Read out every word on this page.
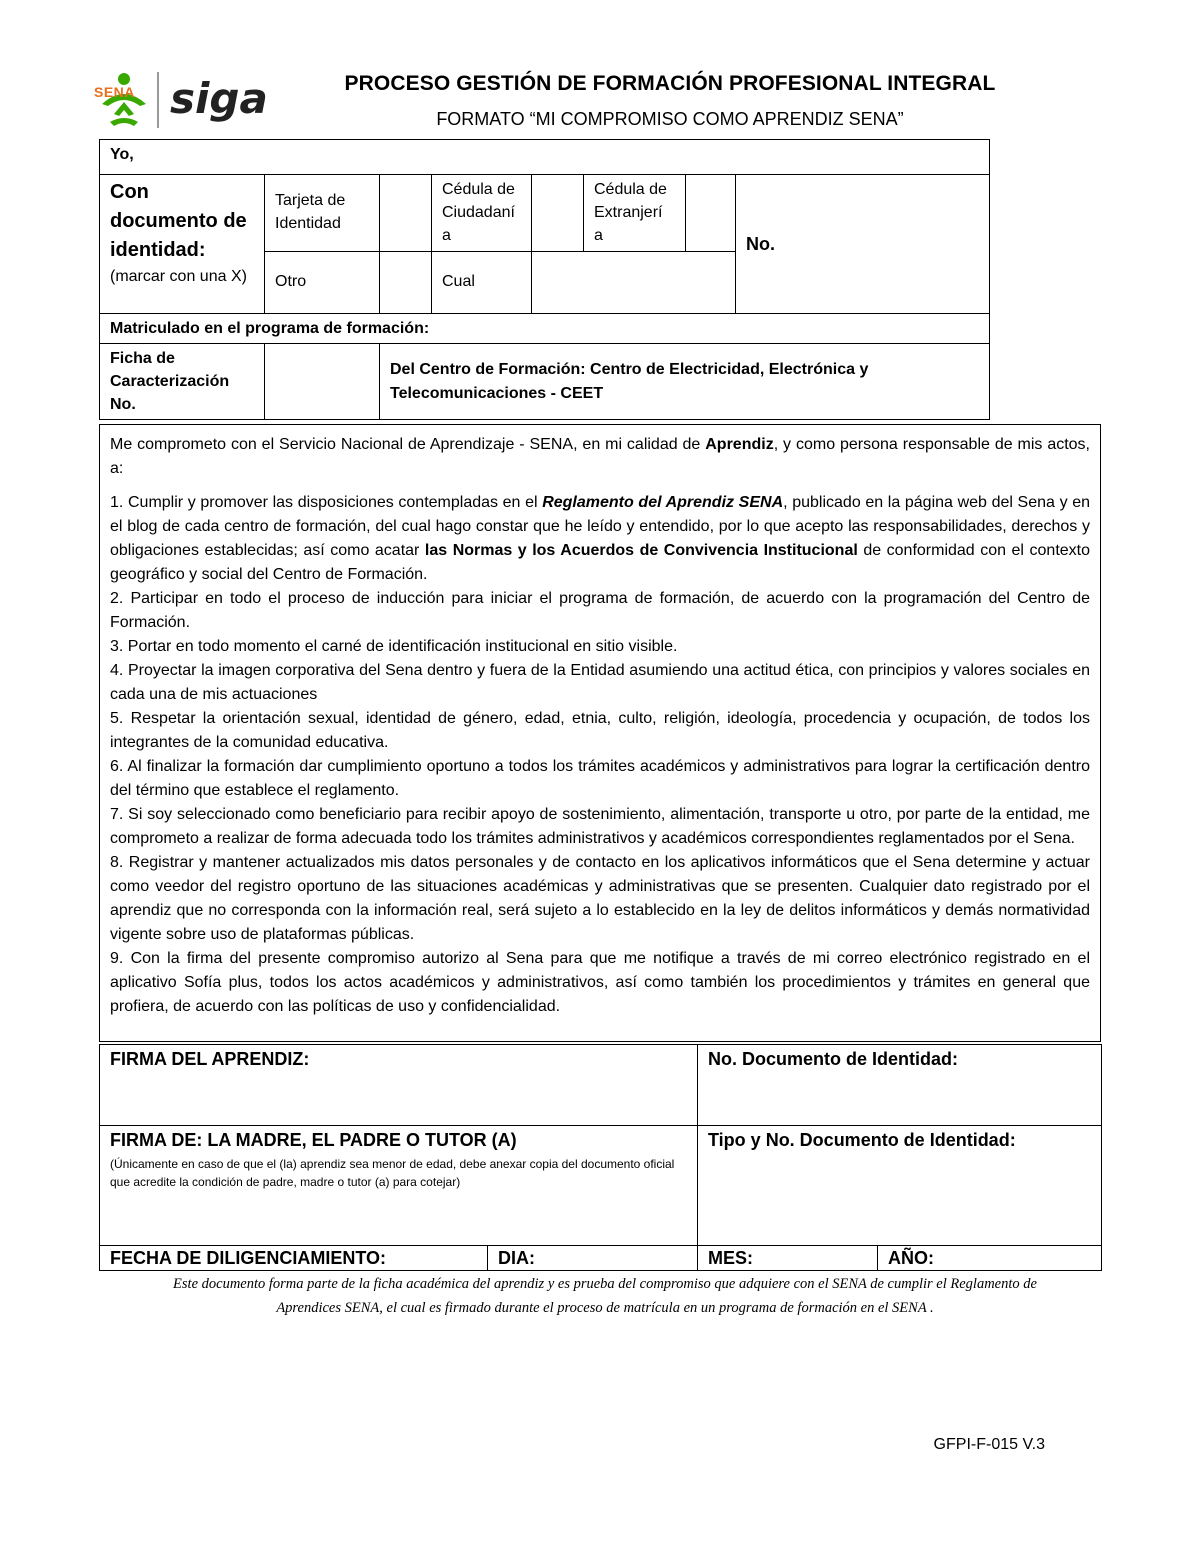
SENA siga	PROCESO GESTIÓN DE FORMACIÓN PROFESIONAL INTEGRAL
FORMATO “MI COMPROMISO COMO APRENDIZ SENA”
Yo,							

Con documento de identidad:
(marcar con una X)	Tarjeta de Identidad		Cédula de Ciudadaní a		Cédula de Extranjerí a		No.
	Otro		Cual				
Matriculado en el programa de formación:							
Ficha de Caracterización No.		Del Centro de Formación: Centro de Electricidad, Electrónica y Telecomunicaciones - CEET					

Me comprometo con el Servicio Nacional de Aprendizaje - SENA, en mi calidad de Aprendiz, y como persona responsable de mis actos, a:

1. Cumplir y promover las disposiciones contempladas en el Reglamento del Aprendiz SENA, publicado en la página web del Sena y en el blog de cada centro de formación, del cual hago constar que he leído y entendido, por lo que acepto las responsabilidades, derechos y obligaciones establecidas; así como acatar las Normas y los Acuerdos de Convivencia Institucional de conformidad con el contexto geográfico y social del Centro de Formación.

2. Participar en todo el proceso de inducción para iniciar el programa de formación, de acuerdo con la programación del Centro de Formación.

3. Portar en todo momento el carné de identificación institucional en sitio visible.

4. Proyectar la imagen corporativa del Sena dentro y fuera de la Entidad asumiendo una actitud ética, con principios y valores sociales en cada una de mis actuaciones

5. Respetar la orientación sexual, identidad de género, edad, etnia, culto, religión, ideología, procedencia y ocupación, de todos los integrantes de la comunidad educativa.

6. Al finalizar la formación dar cumplimiento oportuno a todos los trámites académicos y administrativos para lograr la certificación dentro del término que establece el reglamento.

7. Si soy seleccionado como beneficiario para recibir apoyo de sostenimiento, alimentación, transporte u otro, por parte de la entidad, me comprometo a realizar de forma adecuada todo los trámites administrativos y académicos correspondientes reglamentados por el Sena.

8. Registrar y mantener actualizados mis datos personales y de contacto en los aplicativos informáticos que el Sena determine y actuar como veedor del registro oportuno de las situaciones académicas y administrativas que se presenten. Cualquier dato registrado por el aprendiz que no corresponda con la información real, será sujeto a lo establecido en la ley de delitos informáticos y demás normatividad vigente sobre uso de plataformas públicas.

9. Con la firma del presente compromiso autorizo al Sena para que me notifique a través de mi correo electrónico registrado en el aplicativo Sofía plus, todos los actos académicos y administrativos, así como también los procedimientos y trámites en general que profiera, de acuerdo con las políticas de uso y confidencialidad.

FIRMA DEL APRENDIZ:		No. Documento de Identidad:	

FIRMA DE: LA MADRE, EL PADRE O TUTOR (A)
(Únicamente en caso de que el (la) aprendiz sea menor de edad, debe anexar copia del documento oficial que acredite la condición de padre, madre o tutor (a) para cotejar)		Tipo y No. Documento de Identidad:	
FECHA DE DILIGENCIAMIENTO:	DIA:	MES:	AÑO:
Este documento forma parte de la ficha académica del aprendiz y es prueba del compromiso que adquiere con el SENA de cumplir el Reglamento de Aprendices SENA, el cual es firmado durante el proceso de matrícula en un programa de formación en el SENA .
GFPI-F-015 V.3
